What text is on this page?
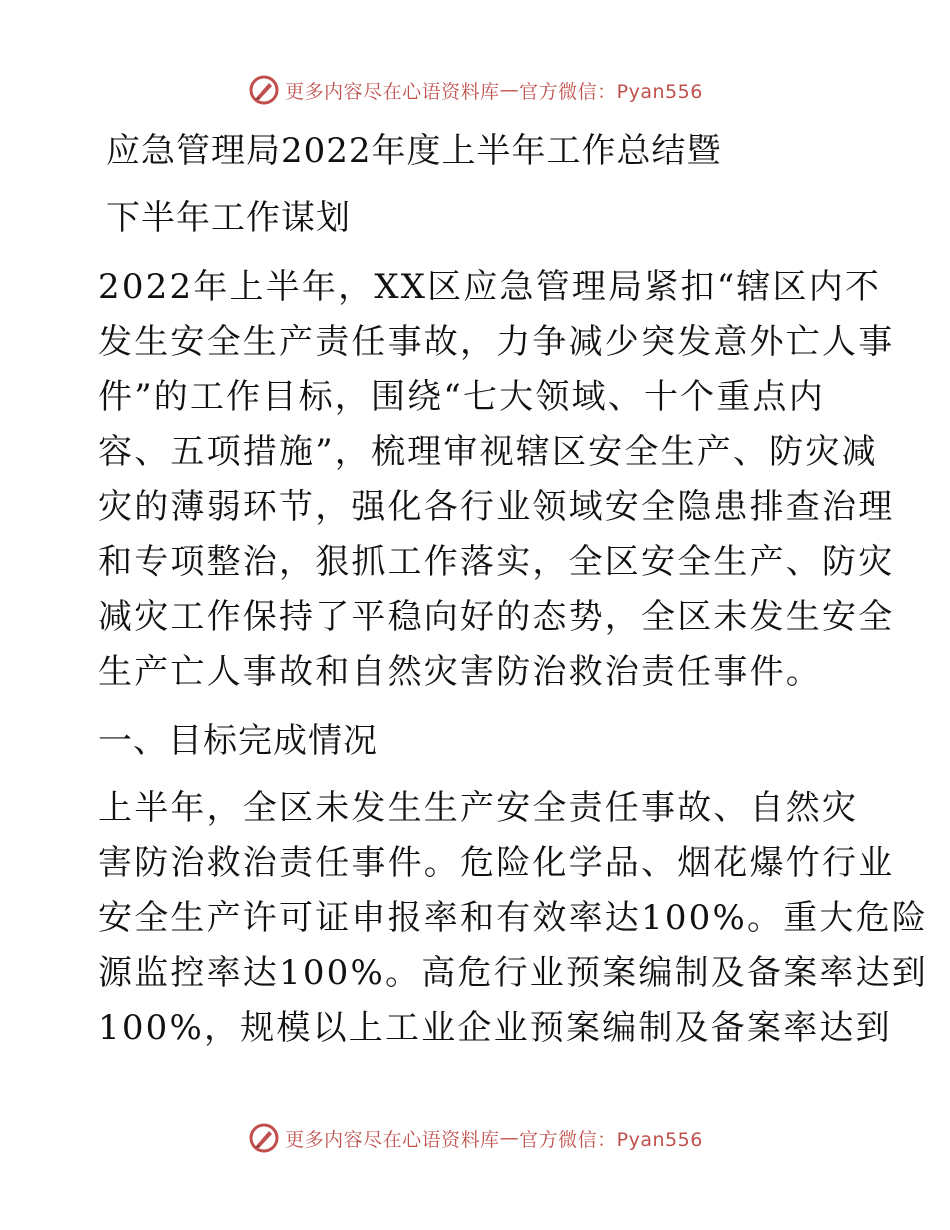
更多内容尽在心语资料库 — 官方微信：Pyan556
应急管理局2022年度上半年工作总结暨
下半年工作谋划
2022年上半年，XX区应急管理局紧扣“辖区内不
发生安全生产责任事故，力争减少突发意外亡人事
件”的工作目标，围绕“七大领域、十个重点内
容、五项措施”，梳理审视辖区安全生产、防灾减
灾的薄弱环节，强化各行业领域安全隐患排查治理
和专项整治，狠抓工作落实，全区安全生产、防灾
减灾工作保持了平稳向好的态势，全区未发生安全
生产亡人事故和自然灾害防治救治责任事件。
一、目标完成情况
上半年，全区未发生生产安全责任事故、自然灾
害防治救治责任事件。危险化学品、烟花爆竹行业
安全生产许可证申报率和有效率达100%。重大危险
源监控率达100%。高危行业预案编制及备案率达到
100%，规模以上工业企业预案编制及备案率达到
更多内容尽在心语资料库 — 官方微信：Pyan556
